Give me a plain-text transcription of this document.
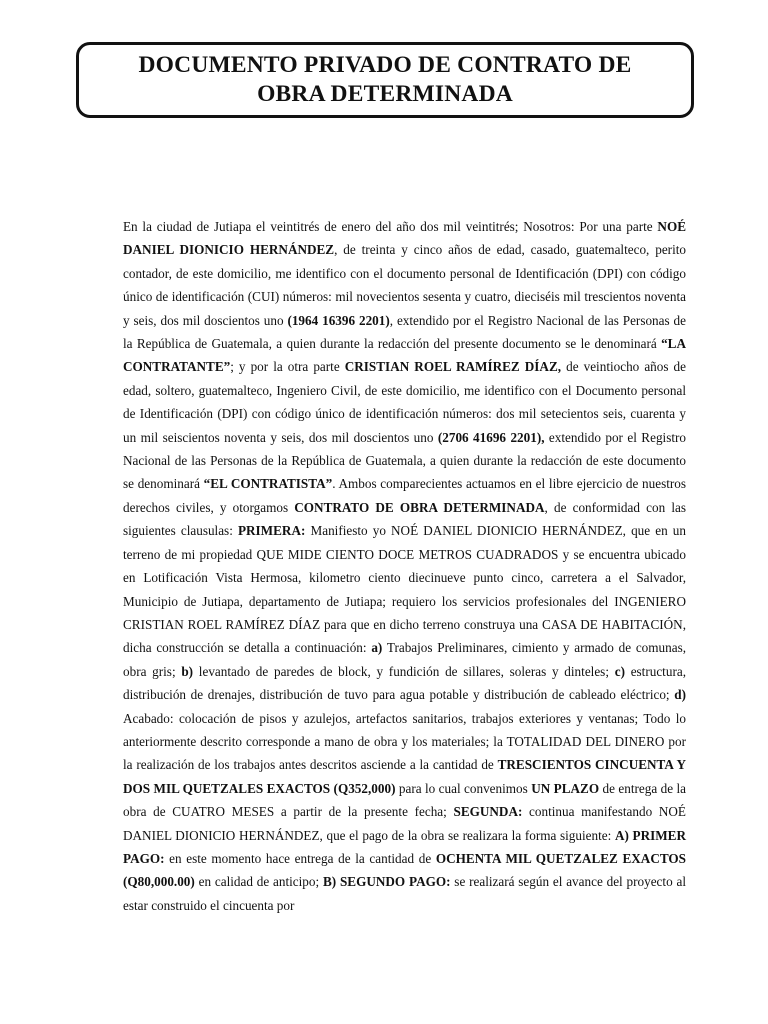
DOCUMENTO PRIVADO DE CONTRATO DE
OBRA DETERMINADA

En la ciudad de Jutiapa el veintitrés de enero del año dos mil veintitrés; Nosotros: Por una parte NOÉ DANIEL DIONICIO HERNÁNDEZ, de treinta y cinco años de edad, casado, guatemalteco, perito contador, de este domicilio, me identifico con el documento personal de Identificación (DPI) con código único de identificación (CUI) números: mil novecientos sesenta y cuatro, dieciséis mil trescientos noventa y seis, dos mil doscientos uno (1964 16396 2201), extendido por el Registro Nacional de las Personas de la República de Guatemala, a quien durante la redacción del presente documento se le denominará “LA CONTRATANTE”; y por la otra parte CRISTIAN ROEL RAMÍREZ DÍAZ, de veintiocho años de edad, soltero, guatemalteco, Ingeniero Civil, de este domicilio, me identifico con el Documento personal de Identificación (DPI) con código único de identificación números: dos mil setecientos seis, cuarenta y un mil seiscientos noventa y seis, dos mil doscientos uno (2706 41696 2201), extendido por el Registro Nacional de las Personas de la República de Guatemala, a quien durante la redacción de este documento se denominará “EL CONTRATISTA”. Ambos comparecientes actuamos en el libre ejercicio de nuestros derechos civiles, y otorgamos CONTRATO DE OBRA DETERMINADA, de conformidad con las siguientes clausulas: PRIMERA: Manifiesto yo NOÉ DANIEL DIONICIO HERNÁNDEZ, que en un terreno de mi propiedad QUE MIDE CIENTO DOCE METROS CUADRADOS y se encuentra ubicado en Lotificación Vista Hermosa, kilometro ciento diecinueve punto cinco, carretera a el Salvador, Municipio de Jutiapa, departamento de Jutiapa; requiero los servicios profesionales del INGENIERO CRISTIAN ROEL RAMÍREZ DÍAZ para que en dicho terreno construya una CASA DE HABITACIÓN, dicha construcción se detalla a continuación: a) Trabajos Preliminares, cimiento y armado de comunas, obra gris; b) levantado de paredes de block, y fundición de sillares, soleras y dinteles; c) estructura, distribución de drenajes, distribución de tuvo para agua potable y distribución de cableado eléctrico; d) Acabado: colocación de pisos y azulejos, artefactos sanitarios, trabajos exteriores y ventanas; Todo lo anteriormente descrito corresponde a mano de obra y los materiales; la TOTALIDAD DEL DINERO por la realización de los trabajos antes descritos asciende a la cantidad de TRESCIENTOS CINCUENTA Y DOS MIL QUETZALES EXACTOS (Q352,000) para lo cual convenimos UN PLAZO de entrega de la obra de CUATRO MESES a partir de la presente fecha; SEGUNDA: continua manifestando NOÉ DANIEL DIONICIO HERNÁNDEZ, que el pago de la obra se realizara la forma siguiente: A) PRIMER PAGO: en este momento hace entrega de la cantidad de OCHENTA MIL QUETZALEZ EXACTOS (Q80,000.00) en calidad de anticipo; B) SEGUNDO PAGO: se realizará según el avance del proyecto al estar construido el cincuenta por
